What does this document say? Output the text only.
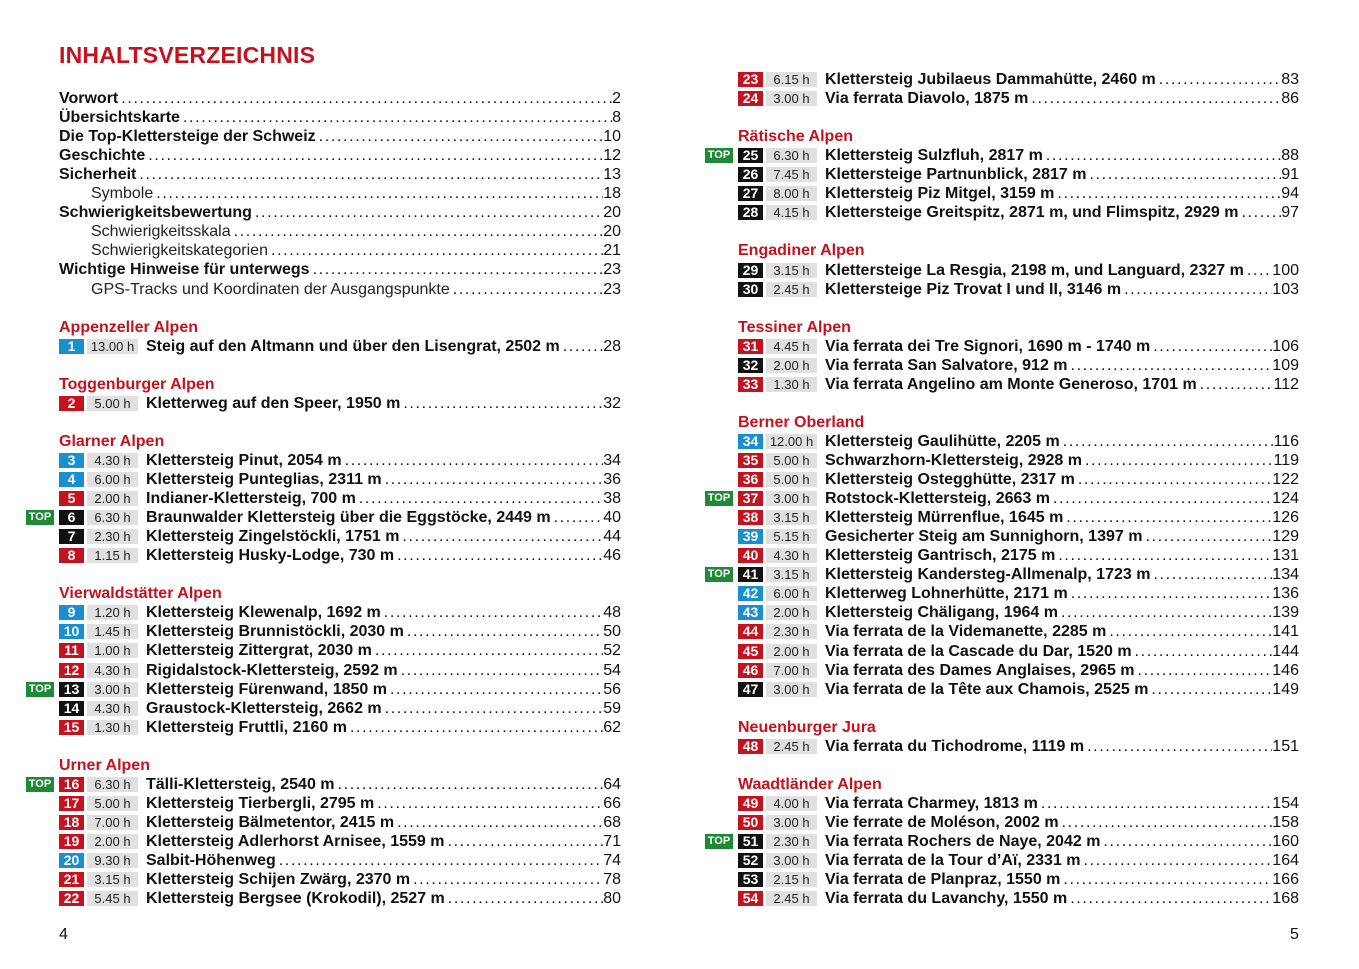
INHALTSVERZEICHNIS
Vorwort . . .	2
Übersichtskarte . . .	8
Die Top-Klettersteige der Schweiz . . .	10
Geschichte . . .	12
Sicherheit . . .	13
Symbole . . .	18
Schwierigkeitsbewertung . . .	20
Schwierigkeitsskala . . .	20
Schwierigkeitskategorien . . .	21
Wichtige Hinweise für unterwegs . . .	23
GPS-Tracks und Koordinaten der Ausgangspunkte . . .	23
Appenzeller Alpen
1	13.00 h Steig auf den Altmann und über den Lisengrat, 2502 m . . .	28
Toggenburger Alpen
2	5.00 h Kletterweg auf den Speer, 1950 m . . .	32
Glarner Alpen
3	4.30 h Klettersteig Pinut, 2054 m . . .	34
4	6.00 h Klettersteig Punteglias, 2311 m . . .	36
5	2.00 h Indianer-Klettersteig, 700 m . . .	38
TOP	6	6.30 h Braunwalder Klettersteig über die Eggstöcke, 2449 m . . .	40
7	2.30 h Klettersteig Zingelstöckli, 1751 m . . .	44
8	1.15 h Klettersteig Husky-Lodge, 730 m . . .	46
Vierwaldstätter Alpen
9	1.20 h Klettersteig Klewenalp, 1692 m . . .	48
10	1.45 h Klettersteig Brunnistöckli, 2030 m . . .	50
11	1.00 h Klettersteig Zittergrat, 2030 m . . .	52
12	4.30 h Rigidalstock-Klettersteig, 2592 m . . .	54
TOP 13	3.00 h Klettersteig Fürenwand, 1850 m . . .	56
14	4.30 h Graustock-Klettersteig, 2662 m . . .	59
15	1.30 h Klettersteig Fruttli, 2160 m . . .	62
Urner Alpen
TOP 16	6.30 h Tälli-Klettersteig, 2540 m . . .	64
17	5.00 h Klettersteig Tierbergli, 2795 m . . .	66
18	7.00 h Klettersteig Bälmetentor, 2415 m . . .	68
19	2.00 h Klettersteig Adlerhorst Arnisee, 1559 m . . .	71
20	9.30 h Salbit-Höhenweg . . .	74
21	3.15 h Klettersteig Schijen Zwärg, 2370 m . . .	78
22	5.45 h Klettersteig Bergsee (Krokodil), 2527 m . . .	80
23	6.15 h Klettersteig Jubilaeus Dammahütte, 2460 m . . .	83
24	3.00 h Via ferrata Diavolo, 1875 m . . .	86
Rätische Alpen
TOP 25	6.30 h Klettersteig Sulzfluh, 2817 m . . .	88
26	7.45 h Klettersteige Partnunblick, 2817 m . . .	91
27	8.00 h Klettersteig Piz Mitgel, 3159 m . . .	94
28	4.15 h Klettersteige Greitspitz, 2871 m, und Flimspitz, 2929 m . . .	97
Engadiner Alpen
29	3.15 h Klettersteige La Resgia, 2198 m, und Languard, 2327 m . . . 100
30	2.45 h Klettersteige Piz Trovat I und II, 3146 m . . .	103
Tessiner Alpen
31	4.45 h Via ferrata dei Tre Signori, 1690 m - 1740 m . . .	106
32	2.00 h Via ferrata San Salvatore, 912 m . . .	109
33	1.30 h Via ferrata Angelino am Monte Generoso, 1701 m . . .	112
Berner Oberland
34 12.00 h Klettersteig Gaulihütte, 2205 m . . .	116
35	5.00 h Schwarzhorn-Klettersteig, 2928 m . . .	119
36	5.00 h Klettersteig Ostegghütte, 2317 m . . .	122
TOP 37	3.00 h Rotstock-Klettersteig, 2663 m . . .	124
38	3.15 h Klettersteig Mürrenflue, 1645 m . . .	126
39	5.15 h Gesicherter Steig am Sunnighorn, 1397 m . . .	129
40	4.30 h Klettersteig Gantrisch, 2175 m . . .	131
TOP 41	3.15 h Klettersteig Kandersteg-Allmenalp, 1723 m . . .	134
42	6.00 h Kletterweg Lohnerhütte, 2171 m . . .	136
43	2.00 h Klettersteig Chäligang, 1964 m . . .	139
44	2.30 h Via ferrata de la Videmanette, 2285 m . . .	141
45	2.00 h Via ferrata de la Cascade du Dar, 1520 m . . .	144
46	7.00 h Via ferrata des Dames Anglaises, 2965 m . . .	146
47	3.00 h Via ferrata de la Tête aux Chamois, 2525 m . . .	149
Neuenburger Jura
48	2.45 h Via ferrata du Tichodrome, 1119 m . . .	151
Waadtländer Alpen
49	4.00 h Via ferrata Charmey, 1813 m . . .	154
50	3.00 h Vie ferrate de Moléson, 2002 m . . .	158
TOP 51	2.30 h Via ferrata Rochers de Naye, 2042 m . . .	160
52	3.00 h Via ferrata de la Tour d’Aï, 2331 m . . .	164
53	2.15 h Via ferrata de Planpraz, 1550 m . . .	166
54	2.45 h Via ferrata du Lavanchy, 1550 m . . .	168
4	5
